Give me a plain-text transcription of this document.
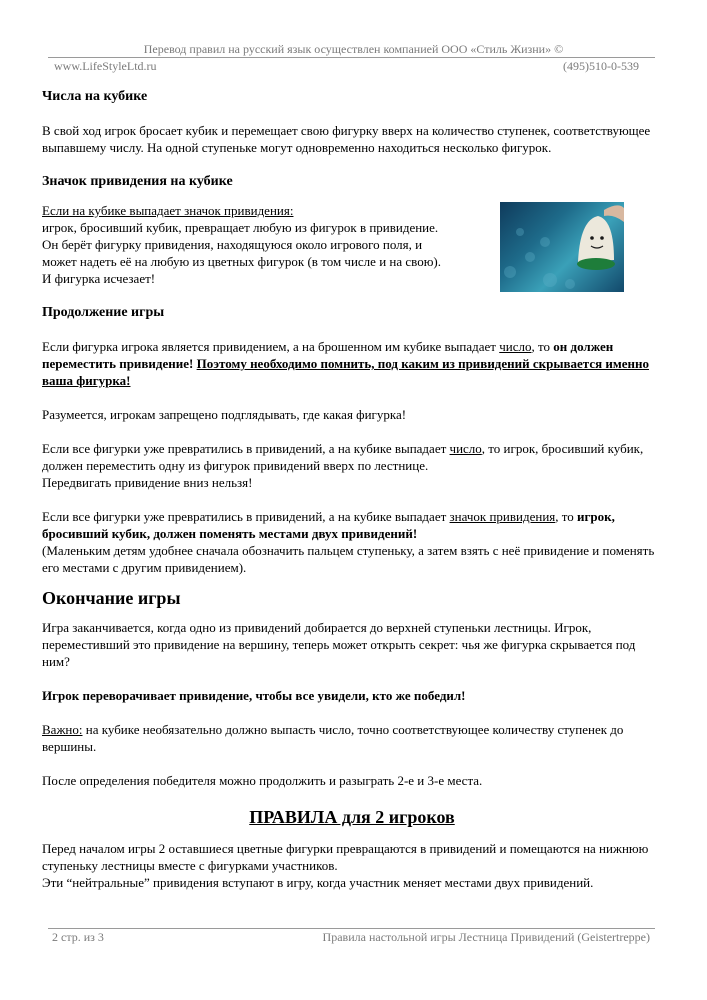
Перевод правил на русский язык осуществлен компанией ООО «Стиль Жизни» ©
www.LifeStyleLtd.ru	(495)510-0-539
Числа на кубике

В свой ход игрок бросает кубик и перемещает свою фигурку вверх на количество ступенек, соответствующее выпавшему числу. На одной ступеньке могут одновременно находиться несколько фигурок.

Значок привидения на кубике

Если на кубике выпадает значок привидения:

игрок, бросивший кубик, превращает любую из фигурок в привидение.

Он берёт фигурку привидения, находящуюся около игрового поля, и

может надеть её на любую из цветных фигурок (в том числе и на свою).

И фигурка исчезает!

Продолжение игры

Если фигурка игрока является привидением, а на брошенном им кубике выпадает число, то он должен переместить привидение! Поэтому необходимо помнить, под каким из привидений скрывается именно ваша фигурка!

Разумеется, игрокам запрещено подглядывать, где какая фигурка!

Если все фигурки уже превратились в привидений, а на кубике выпадает число, то игрок, бросивший кубик, должен переместить одну из фигурок привидений вверх по лестнице.

Передвигать привидение вниз нельзя!

Если все фигурки уже превратились в привидений, а на кубике выпадает значок привидения, то игрок, бросивший кубик, должен поменять местами двух привидений!

(Маленьким детям удобнее сначала обозначить пальцем ступеньку, а затем взять с неё привидение и поменять его местами с другим привидением).

Окончание игры

Игра заканчивается, когда одно из привидений добирается до верхней ступеньки лестницы. Игрок, переместивший это привидение на вершину, теперь может открыть секрет: чья же фигурка скрывается под ним?

Игрок переворачивает привидение, чтобы все увидели, кто же победил!

Важно: на кубике необязательно должно выпасть число, точно соответствующее количеству ступенек до вершины.

После определения победителя можно продолжить и разыграть 2-е и 3-е места.

ПРАВИЛА для 2 игроков

Перед началом игры 2 оставшиеся цветные фигурки превращаются в привидений и помещаются на нижнюю ступеньку лестницы вместе с фигурками участников.

Эти “нейтральные” привидения вступают в игру, когда участник меняет местами двух привидений.

2 стр. из 3	Правила настольной игры Лестница Привидений (Geistertreppe)
